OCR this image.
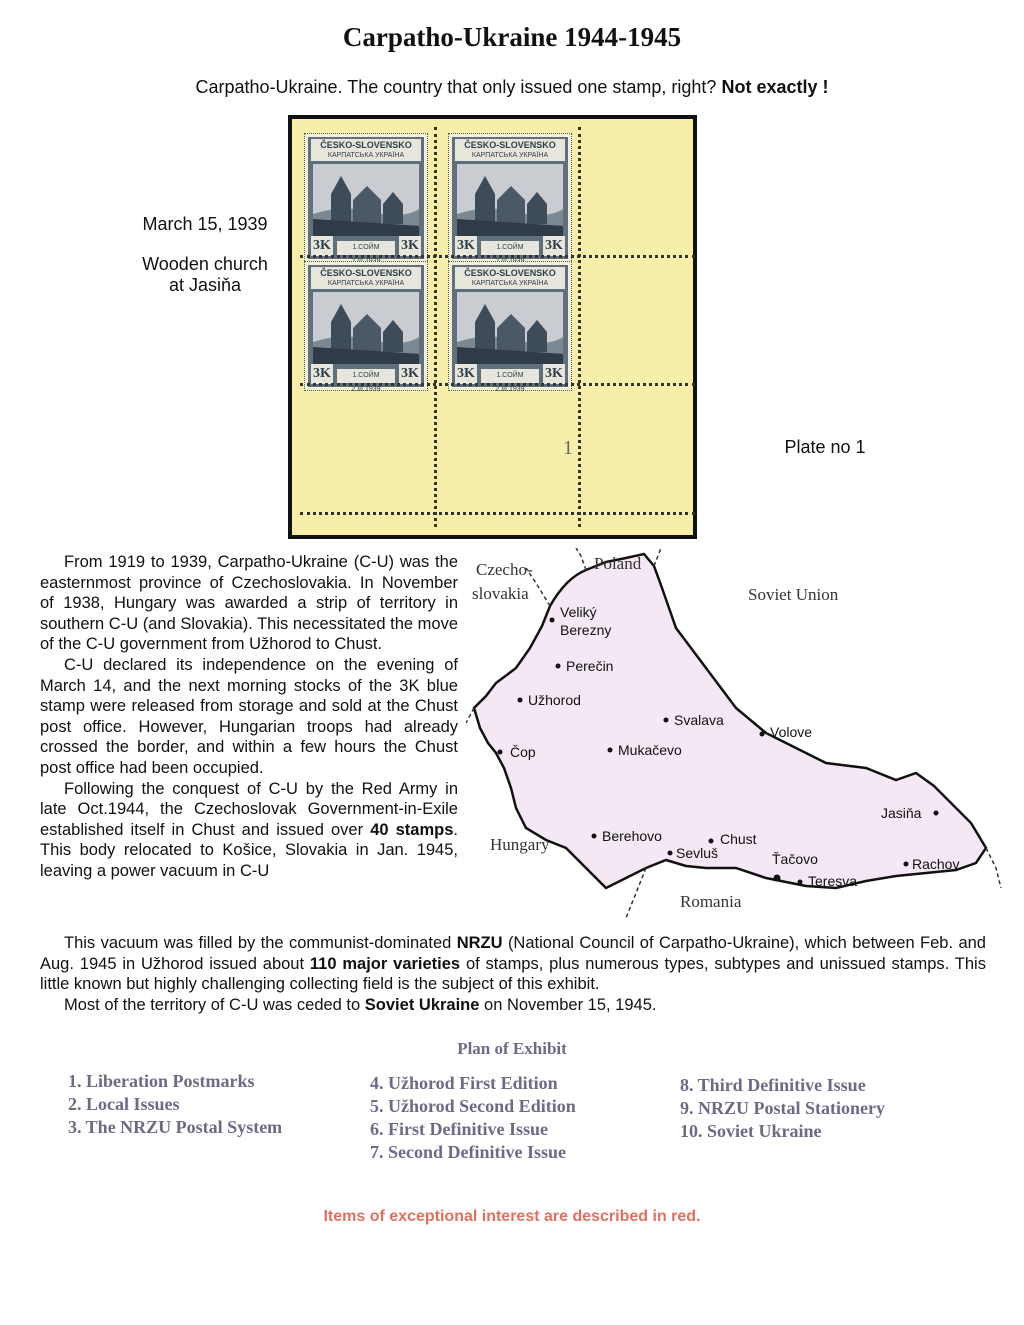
Carpatho-Ukraine 1944-1945
Carpatho-Ukraine. The country that only issued one stamp, right? Not exactly !
March 15, 1939
Wooden church
at Jasiňa
Plate no 1
ČESKO-SLOVENSKO
КАРПАТСЬКА УКРАЇНА
3K	1.СОЙМ	3K
ČESKO-SLOVENSKO
КАРПАТСЬКА УКРАЇНА
3K	1.СОЙМ	3K
ČESKO-SLOVENSKO
КАРПАТСЬКА УКРАЇНА
3K	1.СОЙМ 2.III.1939
3K
ČESKO-SLOVENSKO
КАРПАТСЬКА УКРАЇНА
3K	1.СОЙМ 2.III.1939
3K
1

From 1919 to 1939, Carpatho-Ukraine (C-U) was the easternmost province of Czechoslovakia. In November of 1938, Hungary was awarded a strip of territory in southern C-U (and Slovakia). This necessitated the move of the C-U government from Užhorod to Chust.

C-U declared its independence on the evening of March 14, and the next morning stocks of the 3K blue stamp were released from storage and sold at the Chust post office. However, Hungarian troops had already crossed the border, and within a few hours the Chust post office had been occupied.

Following the conquest of C-U by the Red Army in late Oct.1944, the Czechoslovak Government-in-Exile established itself in Chust and issued over 40 stamps. This body relocated to Košice, Slovakia in Jan. 1945, leaving a power vacuum in C-U

This vacuum was filled by the communist-dominated NRZU (National Council of Carpatho-Ukraine), which between Feb. and Aug. 1945 in Užhorod issued about 110 major varieties of stamps, plus numerous types, subtypes and unissued stamps. This little known but highly challenging collecting field is the subject of this exhibit.

Most of the territory of C-U was ceded to Soviet Ukraine on November 15, 1945.

Czecho-
slovakia
Poland
Soviet Union
Hungary
Romania
Veliký
Berezny
Perečin
Užhorod
Svalava
Volove
Čop	Mukačevo
Jasiňa
Berehovo	Chust
Sevluš	Ťačovo	Rachov
Teresva
Plan of Exhibit
1. Liberation Postmarks
2. Local Issues
3. The NRZU Postal System
4. Užhorod First Edition
5. Užhorod Second Edition
6. First Definitive Issue
7. Second Definitive Issue
8. Third Definitive Issue
9. NRZU Postal Stationery
10. Soviet Ukraine
Items of exceptional interest are described in red.
